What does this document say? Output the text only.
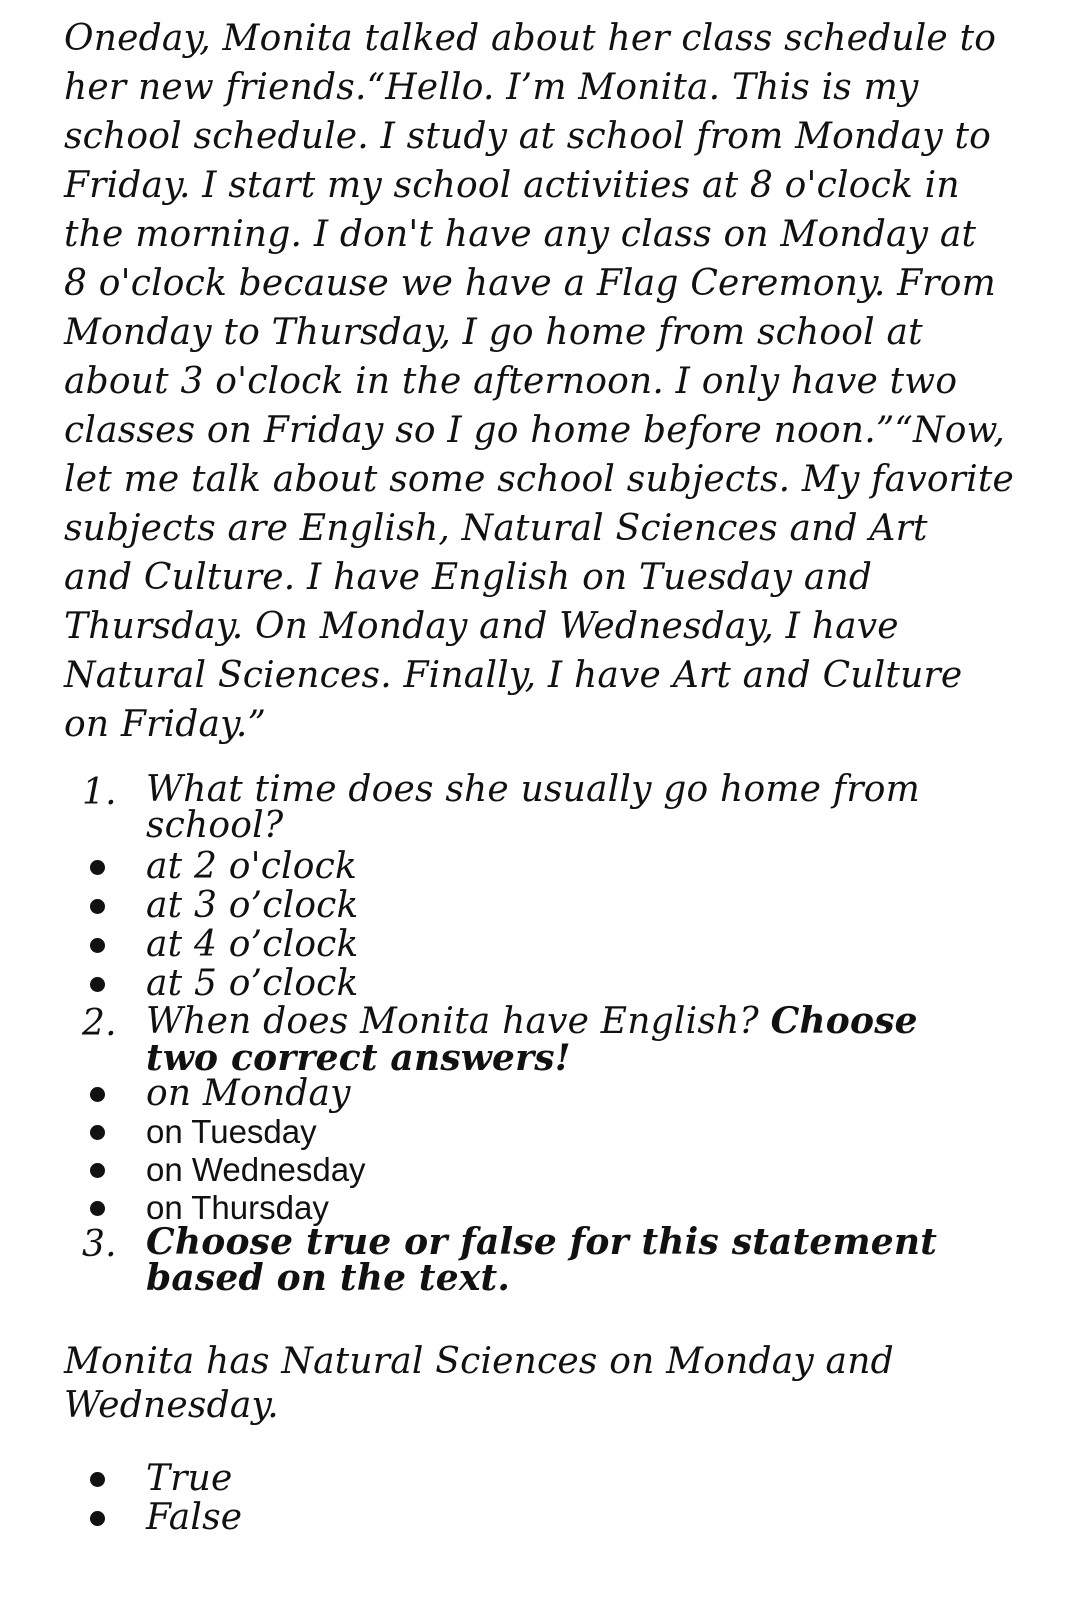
Oneday, Monita talked about her class schedule to
her new friends.“Hello. I’m Monita. This is my
school schedule. I study at school from Monday to
Friday. I start my school activities at 8 o'clock in
the morning. I don't have any class on Monday at
8 o'clock because we have a Flag Ceremony. From
Monday to Thursday, I go home from school at
about 3 o'clock in the afternoon. I only have two
classes on Friday so I go home before noon.”“Now,
let me talk about some school subjects. My favorite
subjects are English, Natural Sciences and Art
and Culture. I have English on Tuesday and
Thursday. On Monday and Wednesday, I have
Natural Sciences. Finally, I have Art and Culture
on Friday.”
1. What time does she usually go home from
school?
at 2 o'clock
at 3 o’clock
at 4 o’clock
at 5 o’clock
2. When does Monita have English? Choose
two correct answers!
on Monday
on Tuesday
on Wednesday
on Thursday
3. Choose true or false for this statement
based on the text.
Monita has Natural Sciences on Monday and
Wednesday.
True
False
